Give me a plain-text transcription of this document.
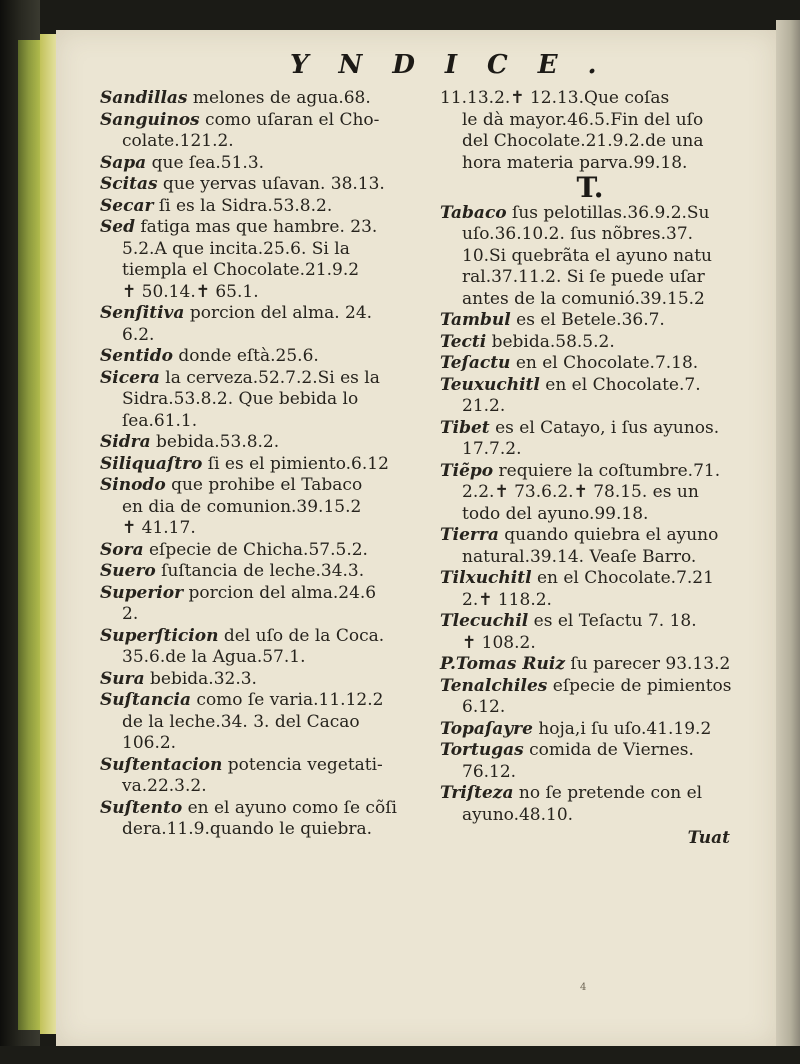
YNDICE.
Sandillas melones de agua.68.
Sanguinos como uſaran el Cho-
colate.121.2.
Sapa que ſea.51.3.
Scitas que yervas uſavan. 38.13.
Secar ſi es la Sidra.53.8.2.
Sed fatiga mas que hambre. 23.
5.2.A que incita.25.6. Si la
tiempla el Chocolate.21.9.2
✝ 50.14.✝ 65.1.
Senſitiva porcion del alma. 24.
6.2.
Sentido donde eſtà.25.6.
Sicera la cerveza.52.7.2.Si es la
Sidra.53.8.2. Que bebida lo
ſea.61.1.
Sidra bebida.53.8.2.
Siliquaſtro ſi es el pimiento.6.12
Sinodo que prohibe el Tabaco
en dia de comunion.39.15.2
✝ 41.17.
Sora eſpecie de Chicha.57.5.2.
Suero ſuſtancia de leche.34.3.
Superior porcion del alma.24.6
2.
Superſticion del uſo de la Coca.
35.6.de la Agua.57.1.
Sura bebida.32.3.
Suſtancia como ſe varia.11.12.2
de la leche.34. 3. del Cacao
106.2.
Suſtentacion potencia vegetati-
va.22.3.2.
Suſtento en el ayuno como ſe cõſi
dera.11.9.quando le quiebra.
11.13.2.✝ 12.13.Que coſas
le dà mayor.46.5.Fin del uſo
del Chocolate.21.9.2.de una
hora materia parva.99.18.
T.
Tabaco ſus pelotillas.36.9.2.Su
uſo.36.10.2. ſus nõbres.37.
10.Si quebrãta el ayuno natu
ral.37.11.2. Si ſe puede uſar
antes de la comunió.39.15.2
Tambul es el Betele.36.7.
Tecti bebida.58.5.2.
Teſactu en el Chocolate.7.18.
Teuxuchitl en el Chocolate.7.
21.2.
Tibet es el Catayo, i ſus ayunos.
17.7.2.
Tiẽpo requiere la coſtumbre.71.
2.2.✝ 73.6.2.✝ 78.15. es un
todo del ayuno.99.18.
Tierra quando quiebra el ayuno
natural.39.14. Veaſe Barro.
Tilxuchitl en el Chocolate.7.21
2.✝ 118.2.
Tlecuchil es el Teſactu 7. 18.
✝ 108.2.
P.Tomas Ruiz ſu parecer 93.13.2
Tenalchiles eſpecie de pimientos
6.12.
Topaſayre hoja,i ſu uſo.41.19.2
Tortugas comida de Viernes.
76.12.
Triſteza no ſe pretende con el
ayuno.48.10.
Tuat
4
